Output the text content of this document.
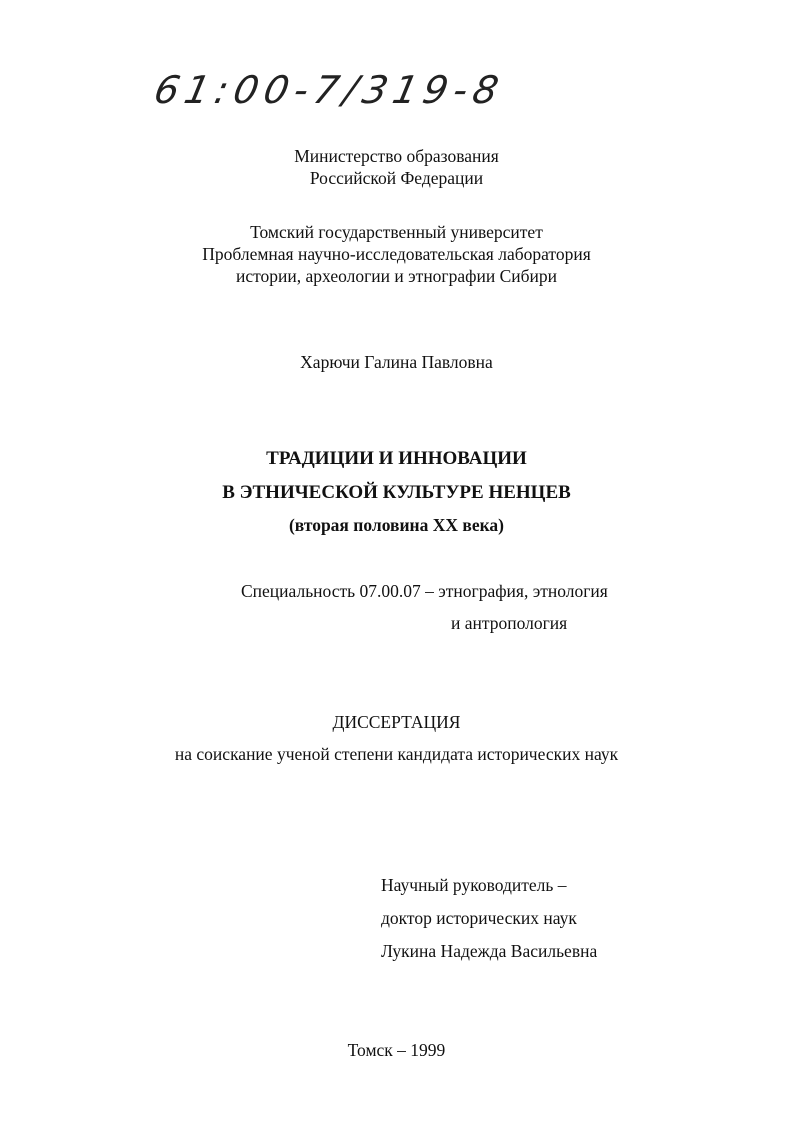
61:00-7/319-8
Министерство образования
Российской Федерации
Томский государственный университет
Проблемная научно-исследовательская лаборатория
истории, археологии и этнографии Сибири
Харючи Галина Павловна
ТРАДИЦИИ И ИННОВАЦИИ
В ЭТНИЧЕСКОЙ КУЛЬТУРЕ НЕНЦЕВ
(вторая половина XX века)
Специальность 07.00.07 – этнография, этнология
и антропология
ДИССЕРТАЦИЯ
на соискание ученой степени кандидата исторических наук
Научный руководитель –
доктор исторических наук
Лукина Надежда Васильевна
Томск – 1999
